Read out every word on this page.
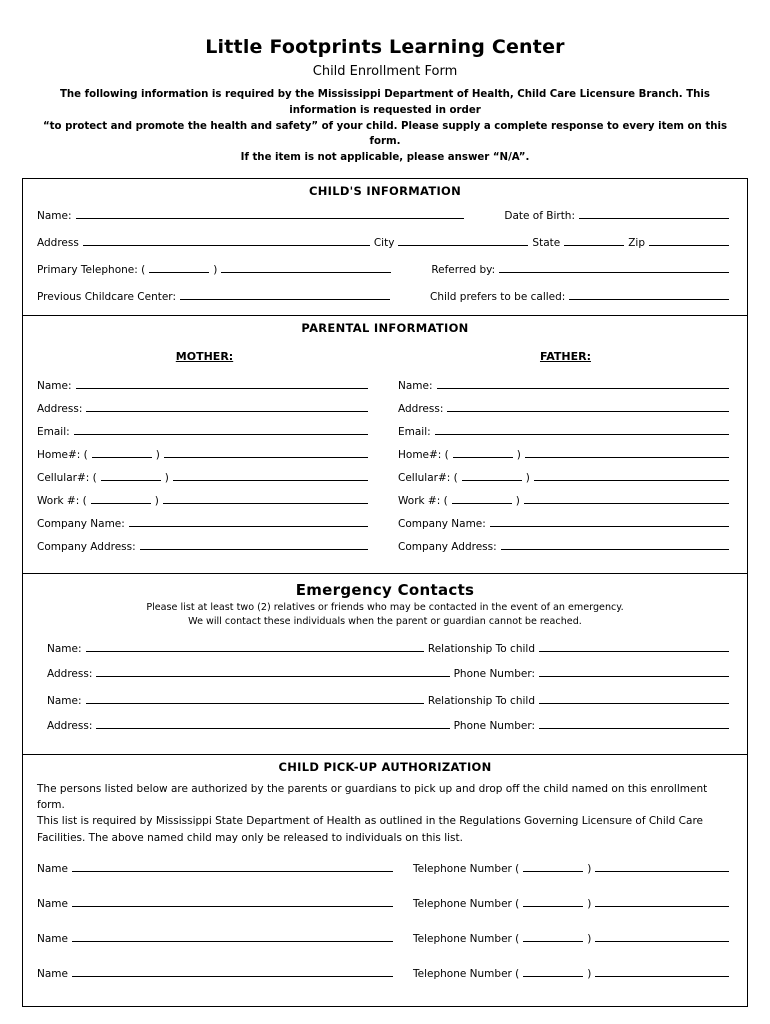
Little Footprints Learning Center
Child Enrollment Form
The following information is required by the Mississippi Department of Health, Child Care Licensure Branch. This information is requested in order
“to protect and promote the health and safety” of your child. Please supply a complete response to every item on this form.
If the item is not applicable, please answer “N/A”.
CHILD'S INFORMATION
Name:	Date of Birth:
Address	City	State	Zip
Primary Telephone: (	)	Referred by:
Previous Childcare Center:	Child prefers to be called:
PARENTAL INFORMATION
MOTHER:
Name:
Address:
Email:
Home#: (	)
Cellular#: (	)
Work #: (	)
Company Name:
Company Address:
FATHER:
Name:
Address:
Email:
Home#: (	)
Cellular#: (	)
Work #: (	)
Company Name:
Company Address:
Emergency Contacts
Please list at least two (2) relatives or friends who may be contacted in the event of an emergency.
We will contact these individuals when the parent or guardian cannot be reached.
Name:	Relationship To child
Address:	Phone Number:
Name:	Relationship To child
Address:	Phone Number:
CHILD PICK-UP AUTHORIZATION
The persons listed below are authorized by the parents or guardians to pick up and drop off the child named on this enrollment form.
This list is required by Mississippi State Department of Health as outlined in the Regulations Governing Licensure of Child Care
Facilities. The above named child may only be released to individuals on this list.
Name	Telephone Number (	)
Name	Telephone Number (	)
Name	Telephone Number (	)
Name	Telephone Number (	)
